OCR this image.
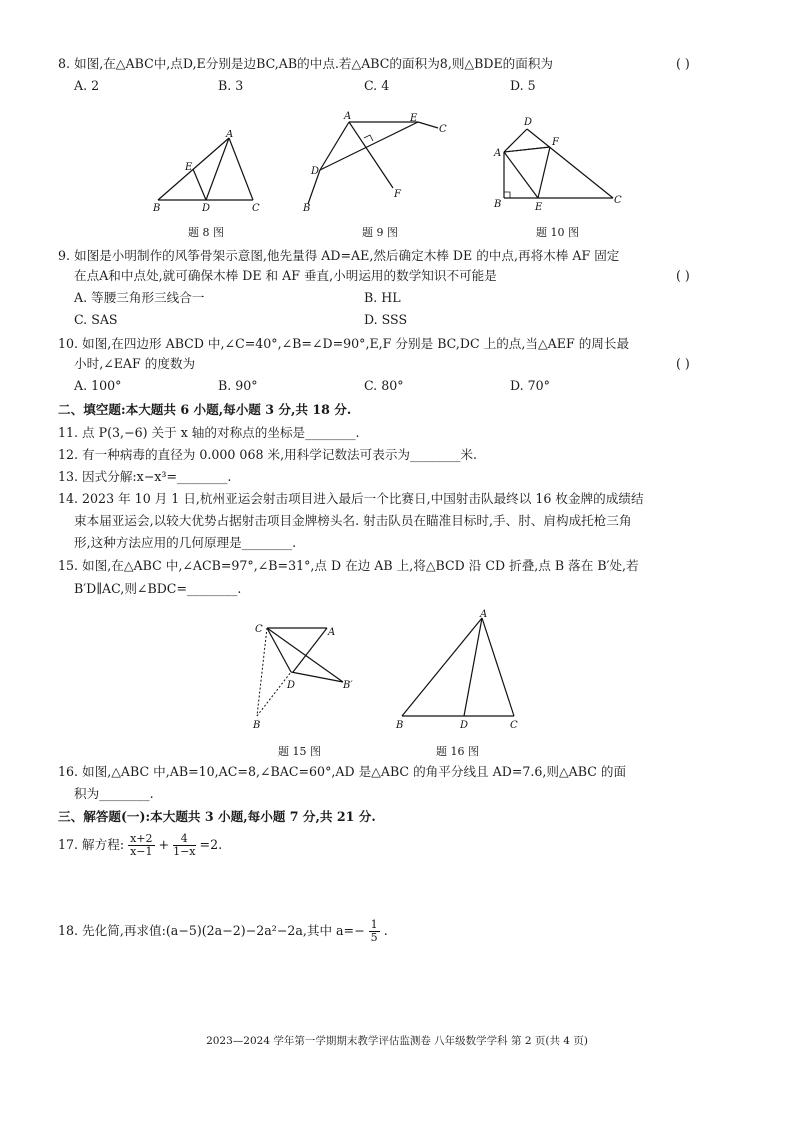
8. 如图,在△ABC中,点D,E分别是边BC,AB的中点.若△ABC的面积为8,则△BDE的面积为	( )
A. 2	B. 3	C. 4	D. 5
A
E
B	D	C
题 8 图
A	E
C
D
F
B
题 9 图
D
A
F
B	E
C
题 10 图
9. 如图是小明制作的风筝骨架示意图,他先量得 AD=AE,然后确定木棒 DE 的中点,再将木棒 AF 固定
在点A和中点处,就可确保木棒 DE 和 AF 垂直,小明运用的数学知识不可能是	( )
A. 等腰三角形三线合一	B. HL
C. SAS	D. SSS
10. 如图,在四边形 ABCD 中,∠C=40°,∠B=∠D=90°,E,F 分别是 BC,DC 上的点,当△AEF 的周长最
小时,∠EAF 的度数为	( )
A. 100°	B. 90°	C. 80°	D. 70°
二、填空题:本大题共 6 小题,每小题 3 分,共 18 分.
11. 点 P(3,−6) 关于 x 轴的对称点的坐标是________.
12. 有一种病毒的直径为 0.000 068 米,用科学记数法可表示为________米.
13. 因式分解:x−x³=________.
14. 2023 年 10 月 1 日,杭州亚运会射击项目进入最后一个比赛日,中国射击队最终以 16 枚金牌的成绩结
束本届亚运会,以较大优势占据射击项目金牌榜头名. 射击队员在瞄准目标时,手、肘、肩构成托枪三角
形,这种方法应用的几何原理是________.
15. 如图,在△ABC 中,∠ACB=97°,∠B=31°,点 D 在边 AB 上,将△BCD 沿 CD 折叠,点 B 落在 B′处,若
B′D∥AC,则∠BDC=________.
C	A
D	B′
B
题 15 图
A
B	D	C
题 16 图
16. 如图,△ABC 中,AB=10,AC=8,∠BAC=60°,AD 是△ABC 的角平分线且 AD=7.6,则△ABC 的面
积为________.
三、解答题(一):本大题共 3 小题,每小题 7 分,共 21 分.
17. 解方程: $\frac{x+2}{x-1} + \frac{4}{1-x} =2$.
18. 先化简,再求值:(a−5)(2a−2)−2a²−2a,其中 $a=- \frac{1}{5}$ .
2023—2024 学年第一学期期末教学评估监测卷 八年级数学学科 第 2 页(共 4 页)
